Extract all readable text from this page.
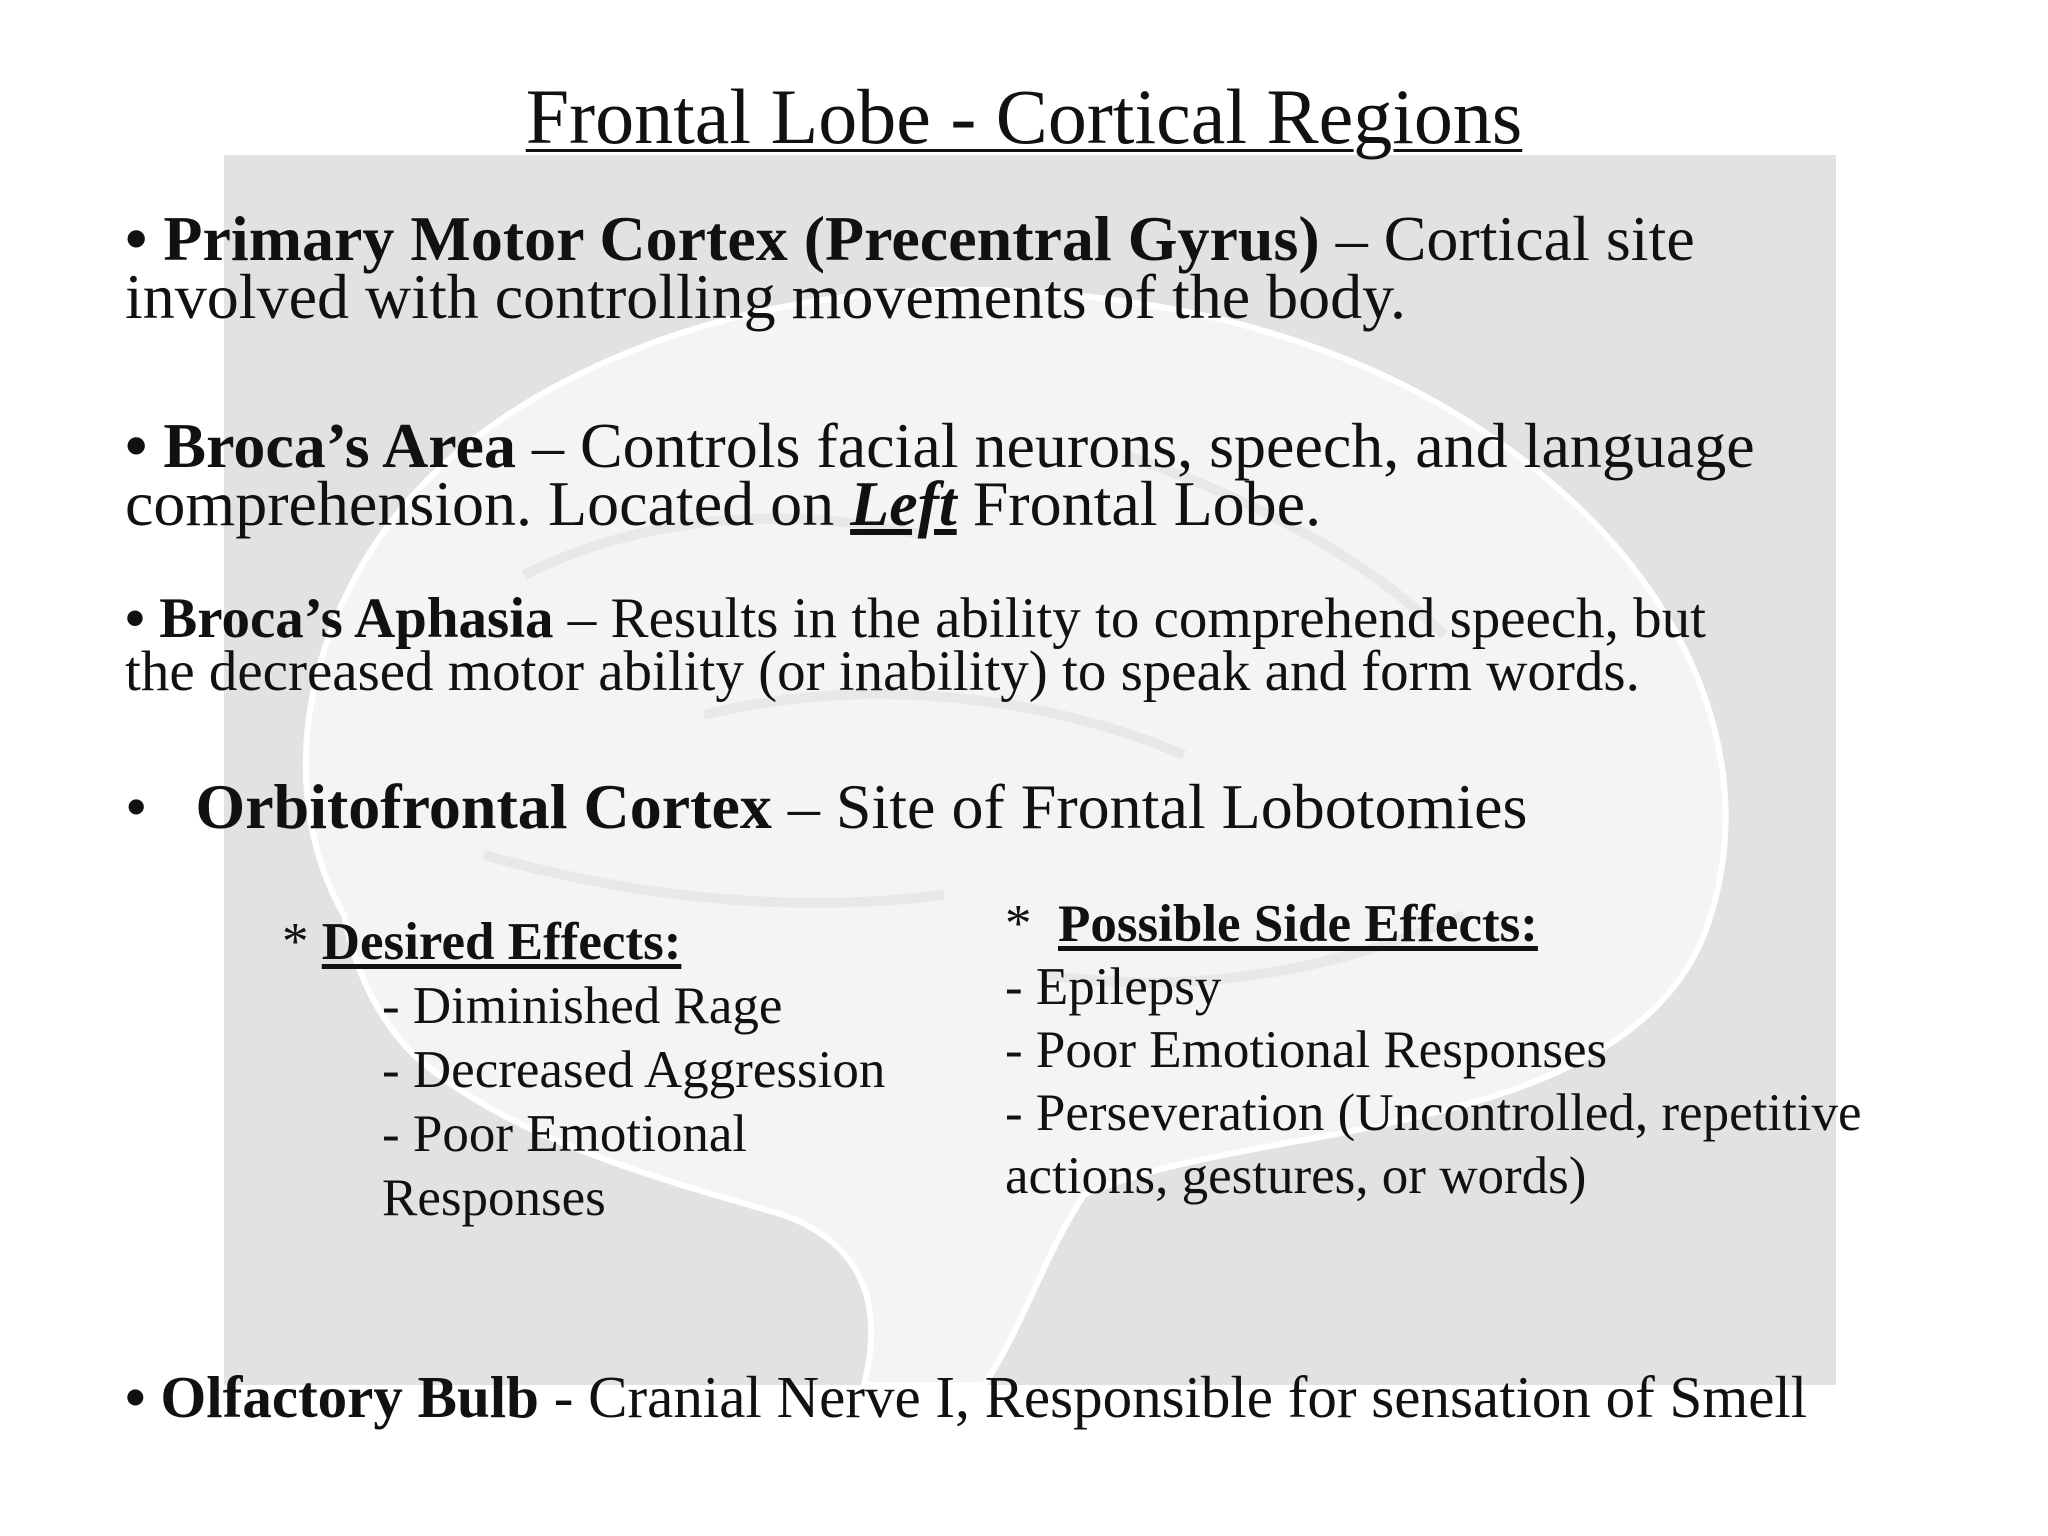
Frontal Lobe - Cortical Regions
• Primary Motor Cortex (Precentral Gyrus) – Cortical site
involved with controlling movements of the body.
• Broca’s Area – Controls facial neurons, speech, and language
comprehension. Located on Left Frontal Lobe.
• Broca’s Aphasia – Results in the ability to comprehend speech, but
the decreased motor ability (or inability) to speak and form words.
• Orbitofrontal Cortex – Site of Frontal Lobotomies
* Desired Effects:
- Diminished Rage
- Decreased Aggression
- Poor Emotional
Responses
*  Possible Side Effects:
- Epilepsy
- Poor Emotional Responses
- Perseveration (Uncontrolled, repetitive
actions, gestures, or words)
• Olfactory Bulb - Cranial Nerve I, Responsible for sensation of Smell
